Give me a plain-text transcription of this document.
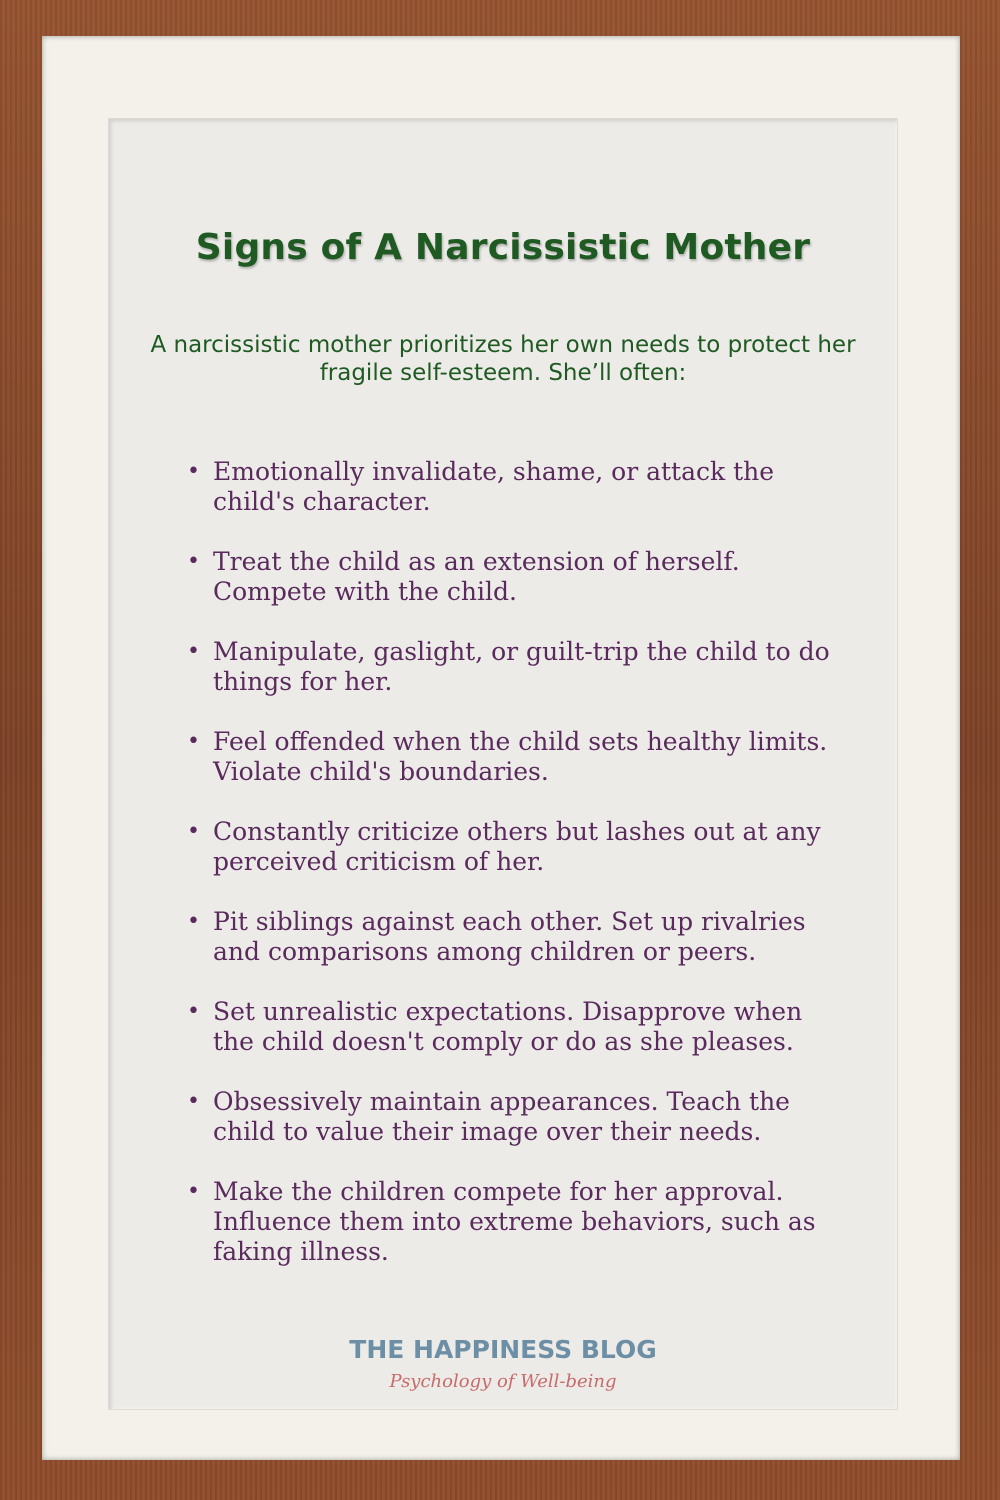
Signs of A Narcissistic Mother

A narcissistic mother prioritizes her own needs to protect her fragile self-esteem. She’ll often:

• Emotionally invalidate, shame, or attack the child's character.
• Treat the child as an extension of herself. Compete with the child.
• Manipulate, gaslight, or guilt-trip the child to do things for her.
• Feel offended when the child sets healthy limits. Violate child's boundaries.
• Constantly criticize others but lashes out at any perceived criticism of her.
• Pit siblings against each other. Set up rivalries and comparisons among children or peers.
• Set unrealistic expectations. Disapprove when the child doesn't comply or do as she pleases.
• Obsessively maintain appearances. Teach the child to value their image over their needs.
• Make the children compete for her approval. Influence them into extreme behaviors, such as faking illness.
THE HAPPINESS BLOG
Psychology of Well-being
